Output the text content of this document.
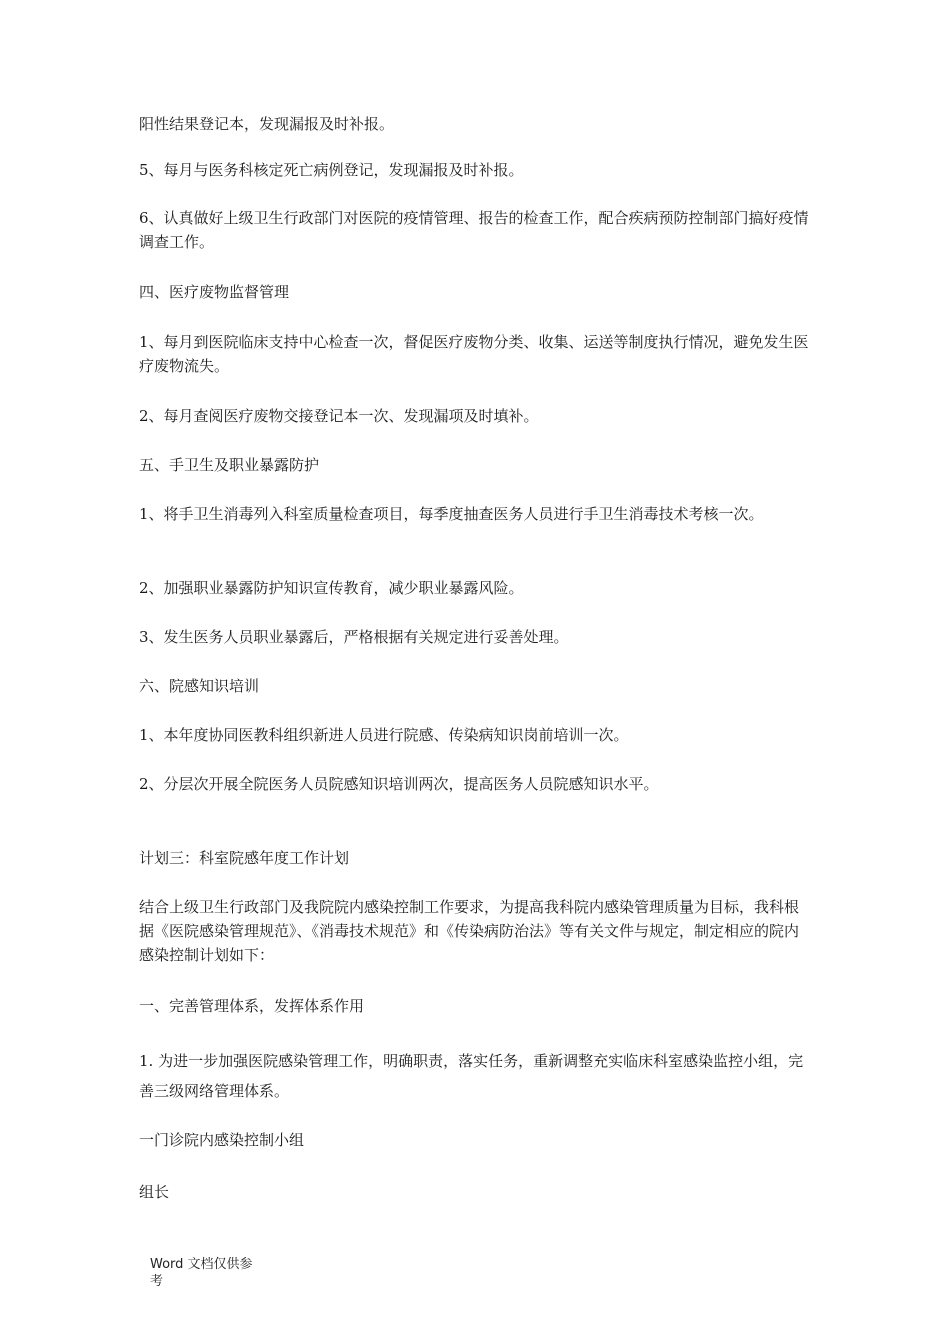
阳性结果登记本，发现漏报及时补报。
5、每月与医务科核定死亡病例登记，发现漏报及时补报。
6、认真做好上级卫生行政部门对医院的疫情管理、报告的检查工作，配合疾病预防控制部门搞好疫情调查工作。
四、医疗废物监督管理
1、每月到医院临床支持中心检查一次，督促医疗废物分类、收集、运送等制度执行情况，避免发生医疗废物流失。
2、每月查阅医疗废物交接登记本一次、发现漏项及时填补。
五、手卫生及职业暴露防护
1、将手卫生消毒列入科室质量检查项目，每季度抽查医务人员进行手卫生消毒技术考核一次。
2、加强职业暴露防护知识宣传教育，减少职业暴露风险。
3、发生医务人员职业暴露后，严格根据有关规定进行妥善处理。
六、院感知识培训
1、本年度协同医教科组织新进人员进行院感、传染病知识岗前培训一次。
2、分层次开展全院医务人员院感知识培训两次，提高医务人员院感知识水平。
计划三：科室院感年度工作计划
结合上级卫生行政部门及我院院内感染控制工作要求，为提高我科院内感染管理质量为目标，我科根据《医院感染管理规范》、《消毒技术规范》和《传染病防治法》等有关文件与规定，制定相应的院内感染控制计划如下：
一、完善管理体系，发挥体系作用
1. 为进一步加强医院感染管理工作，明确职责，落实任务，重新调整充实临床科室感染监控小组，完善三级网络管理体系。
一门诊院内感染控制小组
组长
Word 文档仅供参
考
